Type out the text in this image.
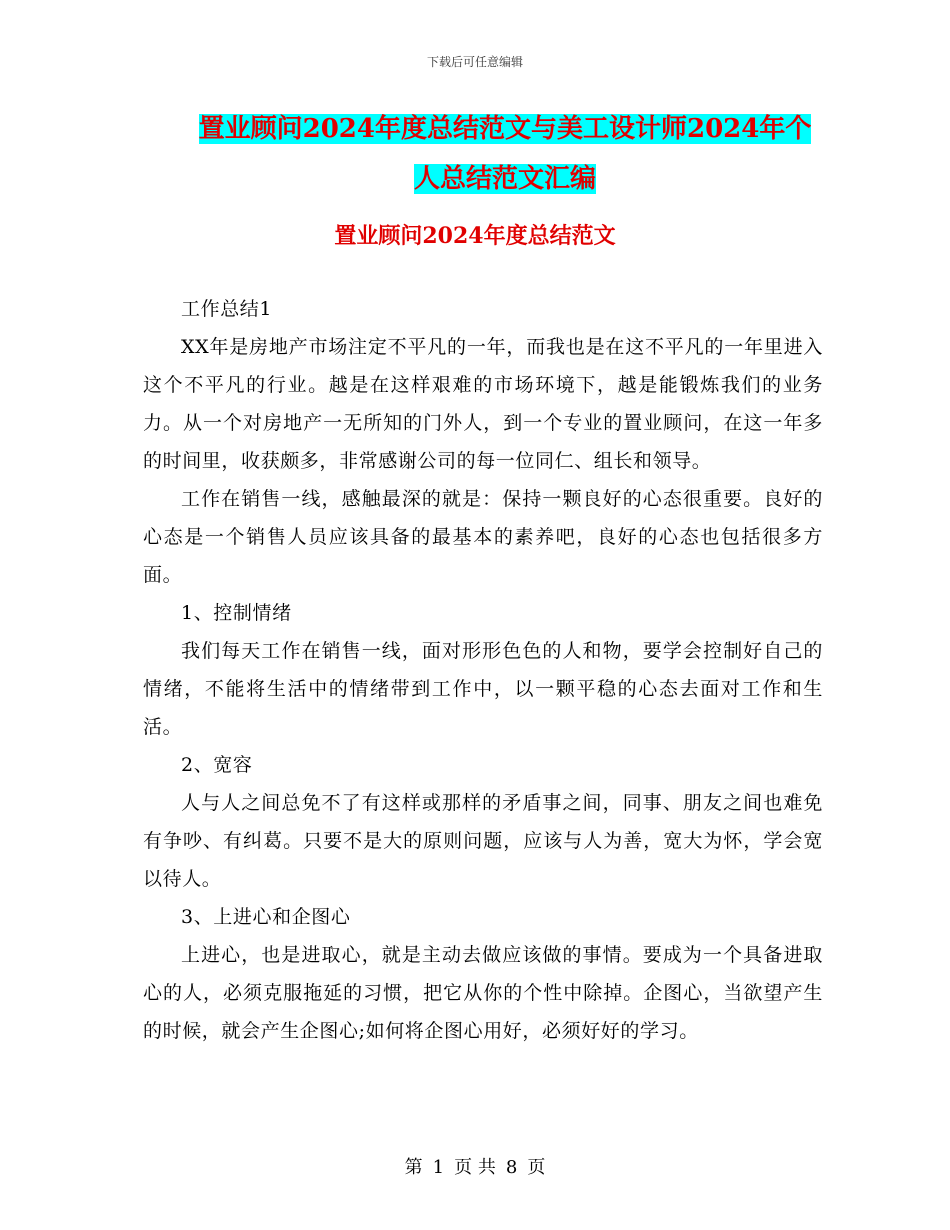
下载后可任意编辑
置业顾问2024年度总结范文与美工设计师2024年个
人总结范文汇编
置业顾问2024年度总结范文

工作总结1

XX年是房地产市场注定不平凡的一年，而我也是在这不平凡的一年里进入这个不平凡的行业。越是在这样艰难的市场环境下，越是能锻炼我们的业务力。从一个对房地产一无所知的门外人，到一个专业的置业顾问，在这一年多的时间里，收获颇多，非常感谢公司的每一位同仁、组长和领导。

工作在销售一线，感触最深的就是：保持一颗良好的心态很重要。良好的心态是一个销售人员应该具备的最基本的素养吧，良好的心态也包括很多方面。

1、控制情绪

我们每天工作在销售一线，面对形形色色的人和物，要学会控制好自己的情绪，不能将生活中的情绪带到工作中，以一颗平稳的心态去面对工作和生活。

2、宽容

人与人之间总免不了有这样或那样的矛盾事之间，同事、朋友之间也难免有争吵、有纠葛。只要不是大的原则问题，应该与人为善，宽大为怀，学会宽以待人。

3、上进心和企图心

上进心，也是进取心，就是主动去做应该做的事情。要成为一个具备进取心的人，必须克服拖延的习惯，把它从你的个性中除掉。企图心，当欲望产生的时候，就会产生企图心;如何将企图心用好，必须好好的学习。

第 1 页 共 8 页
